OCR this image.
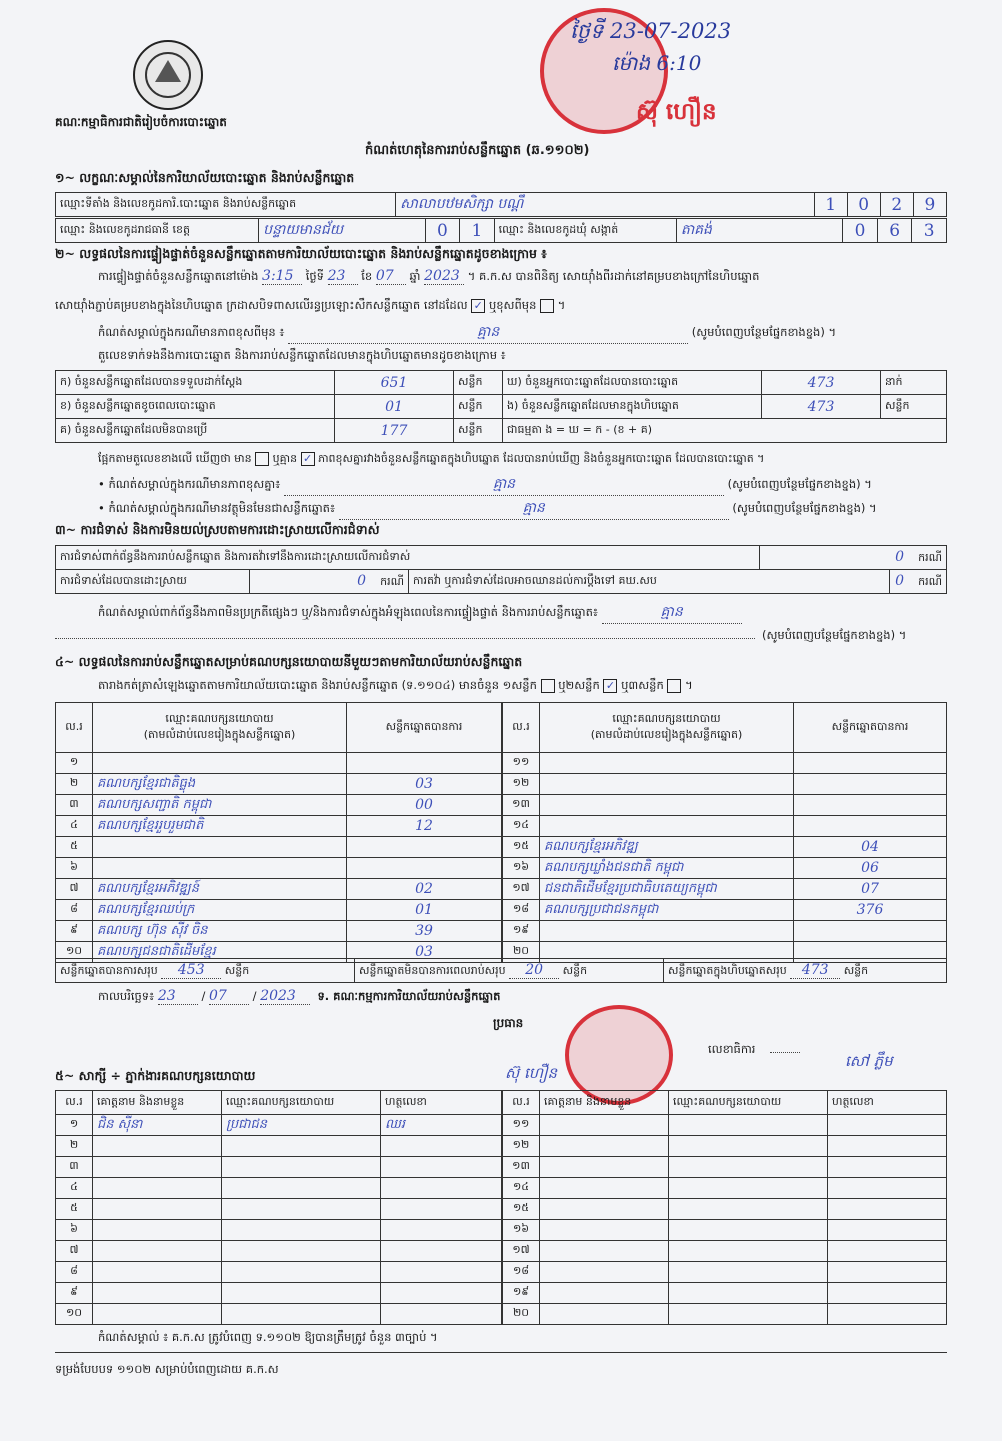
គណៈកម្មាធិការជាតិរៀបចំការបោះឆ្នោត
ថ្ងៃទី 23-07-2023
ម៉ោង 6:10
ស៊ុ ហឿន
កំណត់ហេតុនៃការរាប់សន្លឹកឆ្នោត (ឆ.១១០២)
១~ លក្ខណៈសម្គាល់នៃការិយាល័យបោះឆ្នោត និងរាប់សន្លឹកឆ្នោត
ឈ្មោះទីតាំង និងលេខកូដការិ.បោះឆ្នោត និងរាប់សន្លឹកឆ្នោត	សាលាបឋមសិក្សា បណ្ដឹ	1	0	2	9
ឈ្មោះ និងលេខកូដរាជធានី ខេត្ត	បន្ទាយមានជ័យ	0	1	ឈ្មោះ និងលេខកូដឃុំ សង្កាត់	តាគង់	0	6	3
២~ លទ្ធផលនៃការផ្ទៀងផ្ទាត់ចំនួនសន្លឹកឆ្នោតតាមការិយាល័យបោះឆ្នោត និងរាប់សន្លឹកឆ្នោតដូចខាងក្រោម ៖
ការផ្ទៀងផ្ទាត់ចំនួនសន្លឹកឆ្នោតនៅម៉ោង 3:15 ថ្ងៃទី 23 ខែ 07 ឆ្នាំ 2023 ។ គ.ក.ស បានពិនិត្យ សោយ៉ាំងពីរដាក់នៅគម្របខាងក្រៅនៃហិបឆ្នោត
សោយ៉ាំងភ្ជាប់គម្របខាងក្នុងនៃហិបឆ្នោត ក្រដាសបិទពាសលើរន្ធប្រឡោះសឹកសន្លឹកឆ្នោត នៅដដែល ✓ ឬខុសពីមុន  ។
កំណត់សម្គាល់ក្នុងករណីមានភាពខុសពីមុន ៖	គ្មាន	(សូមបំពេញបន្ថែមផ្នែកខាងខ្នង) ។
តួលេខទាក់ទងនឹងការបោះឆ្នោត និងការរាប់សន្លឹកឆ្នោតដែលមានក្នុងហិបឆ្នោតមានដូចខាងក្រោម ៖
ក) ចំនួនសន្លឹកឆ្នោតដែលបានទទួលដាក់ស្ដែង	651	សន្លឹក	ឃ) ចំនួនអ្នកបោះឆ្នោតដែលបានបោះឆ្នោត	473	នាក់
ខ) ចំនួនសន្លឹកឆ្នោតខូចពេលបោះឆ្នោត	01	សន្លឹក	ង) ចំនួនសន្លឹកឆ្នោតដែលមានក្នុងហិបឆ្នោត	473	សន្លឹក
គ) ចំនួនសន្លឹកឆ្នោតដែលមិនបានប្រើ	177	សន្លឹក	ជាធម្មតា ង = ឃ = ក - (ខ + គ)		
ផ្អែកតាមតួលេខខាងលើ ឃើញថា មាន ឬគ្មាន ✓ ភាពខុសគ្នារវាងចំនួនសន្លឹកឆ្នោតក្នុងហិបឆ្នោត ដែលបានរាប់ឃើញ និងចំនួនអ្នកបោះឆ្នោត ដែលបានបោះឆ្នោត ។
• កំណត់សម្គាល់ក្នុងករណីមានភាពខុសគ្នា៖	គ្មាន	(សូមបំពេញបន្ថែមផ្នែកខាងខ្នង) ។
• កំណត់សម្គាល់ក្នុងករណីមានវត្ថុមិនមែនជាសន្លឹកឆ្នោត៖	គ្មាន	(សូមបំពេញបន្ថែមផ្នែកខាងខ្នង) ។
៣~ ការជំទាស់ និងការមិនយល់ស្របតាមការដោះស្រាយលើការជំទាស់
ការជំទាស់ពាក់ព័ន្ធនឹងការរាប់សន្លឹកឆ្នោត និងការតវ៉ាទៅនឹងការដោះស្រាយលើការជំទាស់			0 ករណី	
ការជំទាស់ដែលបានដោះស្រាយ	0 ករណី	ការតវ៉ា ឬការជំទាស់ដែលអាចឈានដល់ការប្ដឹងទៅ គឃ.សប		0 ករណី
កំណត់សម្គាល់ពាក់ព័ន្ធនឹងភាពមិនប្រក្រតីផ្សេងៗ ឬ/និងការជំទាស់ក្នុងអំឡុងពេលនៃការផ្ទៀងផ្ទាត់ និងការរាប់សន្លឹកឆ្នោត៖	គ្មាន
(សូមបំពេញបន្ថែមផ្នែកខាងខ្នង) ។
៤~ លទ្ធផលនៃការរាប់សន្លឹកឆ្នោតសម្រាប់គណបក្សនយោបាយនីមួយៗតាមការិយាល័យរាប់សន្លឹកឆ្នោត
តារាងកត់ត្រាសំឡេងឆ្នោតតាមការិយាល័យបោះឆ្នោត និងរាប់សន្លឹកឆ្នោត (ទ.១១០៤) មានចំនួន ១សន្លឹក ឬ២សន្លឹក ✓ ឬ៣សន្លឹក  ។
ល.រ	ឈ្មោះគណបក្សនយោបាយ
(តាមលំដាប់លេខរៀងក្នុងសន្លឹកឆ្នោត)	សន្លឹកឆ្នោតបានការ
១		
២	គណបក្សខ្មែរជាតិធ្លុង	03
៣	គណបក្សសញ្ជាតិ កម្ពុជា	00
៤	គណបក្សខ្មែររួបរួមជាតិ	12
៥		
៦		
៧	គណបក្សខ្មែរអភិវឌ្ឍន៍	02
៨	គណបក្សខ្មែរឈប់ក្រ	01
៩	គណបក្ស ហ៊ុន ស៊ីវ ចិន	39
១០	គណបក្សជនជាតិដើមខ្មែរ	03
ល.រ	ឈ្មោះគណបក្សនយោបាយ
(តាមលំដាប់លេខរៀងក្នុងសន្លឹកឆ្នោត)	សន្លឹកឆ្នោតបានការ
១១		
១២		
១៣		
១៤		
១៥	គណបក្សខ្មែរអភិវឌ្ឍ	04
១៦	គណបក្សឃ្លាំងជនជាតិ កម្ពុជា	06
១៧	ជនជាតិដើមខ្មែរប្រជាធិបតេយ្យកម្ពុជា	07
១៨	គណបក្សប្រជាជនកម្ពុជា	376
១៩		
២០		
សន្លឹកឆ្នោតបានការសរុប 453 សន្លឹក	សន្លឹកឆ្នោតមិនបានការពេលរាប់សរុប 20 សន្លឹក	សន្លឹកឆ្នោតក្នុងហិបឆ្នោតសរុប 473 សន្លឹក
កាលបរិច្ឆេទ៖ 23 / 07 / 2023 ទ. គណៈកម្មការការិយាល័យរាប់សន្លឹកឆ្នោត
ប្រធាន
ស៊ុ ហឿន
លេខាធិការ
សៅ ភ្លឹម
៥~ សាក្សី ÷ ភ្នាក់ងារគណបក្សនយោបាយ
ល.រ	គោត្តនាម និងនាមខ្លួន	ឈ្មោះគណបក្សនយោបាយ	ហត្ថលេខា
១	ជិន ស៊ីនា	ប្រជាជន	ឈរ
២			
៣			
៤			
៥			
៦			
៧			
៨			
៩			
១០			
ល.រ	គោត្តនាម និងនាមខ្លួន	ឈ្មោះគណបក្សនយោបាយ	ហត្ថលេខា
១១			
១២			
១៣			
១៤			
១៥			
១៦			
១៧			
១៨			
១៩			
២០			
កំណត់សម្គាល់ ៖ គ.ក.ស ត្រូវបំពេញ ទ.១១០២ ឱ្យបានត្រឹមត្រូវ ចំនួន ៣ច្បាប់ ។
ទម្រង់បែបបទ ១១០២ សម្រាប់បំពេញដោយ គ.ក.ស
